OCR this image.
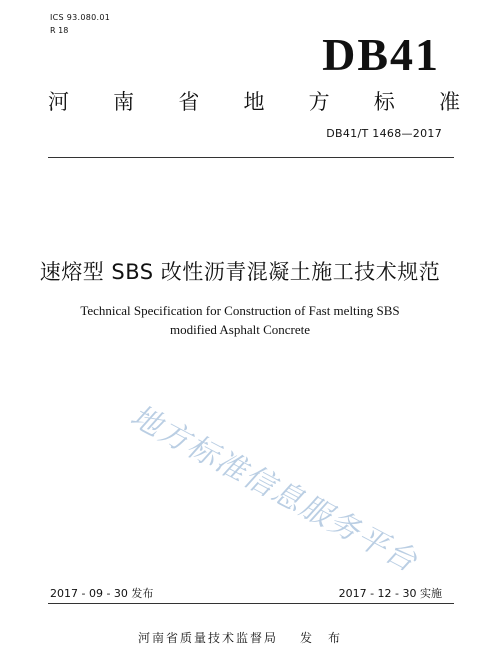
ICS 93.080.01
R 18	DB41
河 南 省 地 方 标 准
DB41/T 1468—2017
速熔型 SBS 改性沥青混凝土施工技术规范
Technical Specification for Construction of Fast melting SBS modified Asphalt Concrete
地方标准信息服务平台
2017 - 09 - 30 发布	2017 - 12 - 30 实施
河南省质量技术监督局 发　布
